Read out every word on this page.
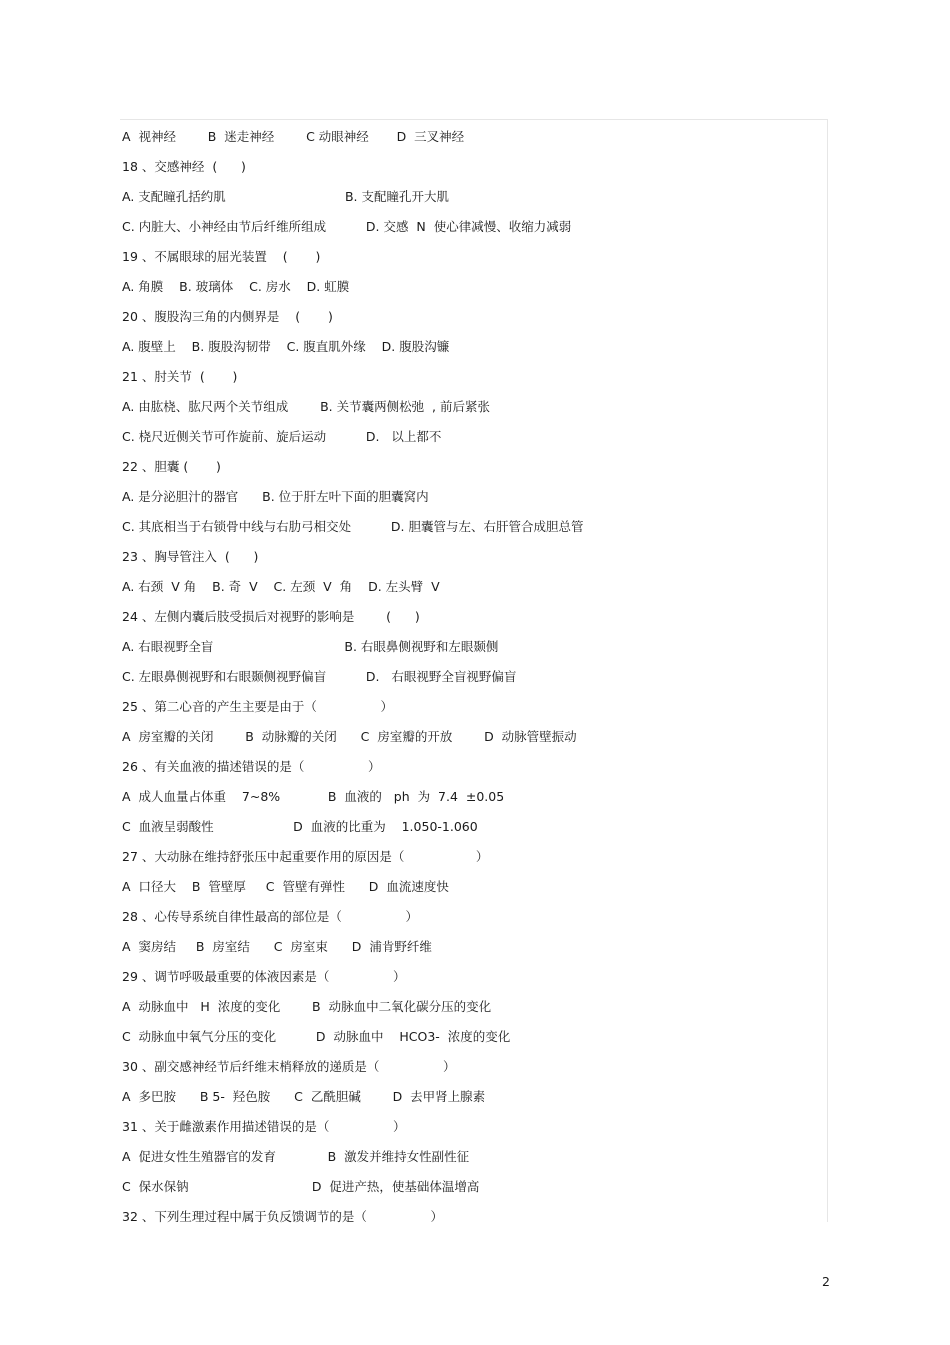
A  视神经        B  迷走神经        C 动眼神经       D  三叉神经
18 、交感神经  (      )
A. 支配瞳孔括约肌                              B. 支配瞳孔开大肌
C. 内脏大、小神经由节后纤维所组成          D. 交感  N  使心律减慢、收缩力减弱
19 、不属眼球的屈光装置    (       )
A. 角膜    B. 玻璃体    C. 房水    D. 虹膜
20 、腹股沟三角的内侧界是    (       )
A. 腹壁上    B. 腹股沟韧带    C. 腹直肌外缘    D. 腹股沟镰
21 、肘关节  (       )
A. 由肱桡、肱尺两个关节组成        B. 关节囊两侧松弛  , 前后紧张
C. 桡尺近侧关节可作旋前、旋后运动          D.   以上都不
22 、胆囊 (       )
A. 是分泌胆汁的器官      B. 位于肝左叶下面的胆囊窝内
C. 其底相当于右锁骨中线与右肋弓相交处          D. 胆囊管与左、右肝管合成胆总管
23 、胸导管注入  (      )
A. 右颈  V 角    B. 奇  V    C. 左颈  V  角    D. 左头臂  V
24 、左侧内囊后肢受损后对视野的影响是        (      )
A. 右眼视野全盲                                 B. 右眼鼻侧视野和左眼颞侧
C. 左眼鼻侧视野和右眼颞侧视野偏盲          D.   右眼视野全盲视野偏盲
25 、第二心音的产生主要是由于（                ）
A  房室瓣的关闭        B  动脉瓣的关闭      C  房室瓣的开放        D  动脉管壁振动
26 、有关血液的描述错误的是（                ）
A  成人血量占体重    7~8%            B  血液的   ph  为  7.4  ±0.05
C  血液呈弱酸性                    D  血液的比重为    1.050-1.060
27 、大动脉在维持舒张压中起重要作用的原因是（                  ）
A  口径大    B  管壁厚     C  管壁有弹性      D  血流速度快
28 、心传导系统自律性最高的部位是（                ）
A  窦房结     B  房室结      C  房室束      D  浦肯野纤维
29 、调节呼吸最重要的体液因素是（                ）
A  动脉血中   H  浓度的变化        B  动脉血中二氧化碳分压的变化
C  动脉血中氧气分压的变化          D  动脉血中    HCO3-  浓度的变化
30 、副交感神经节后纤维末梢释放的递质是（                ）
A  多巴胺      B 5-  羟色胺      C  乙酰胆碱        D  去甲肾上腺素
31 、关于雌激素作用描述错误的是（                ）
A  促进女性生殖器官的发育             B  激发并维持女性副性征
C  保水保钠                               D  促进产热，使基础体温增高
32 、下列生理过程中属于负反馈调节的是（                ）
2
